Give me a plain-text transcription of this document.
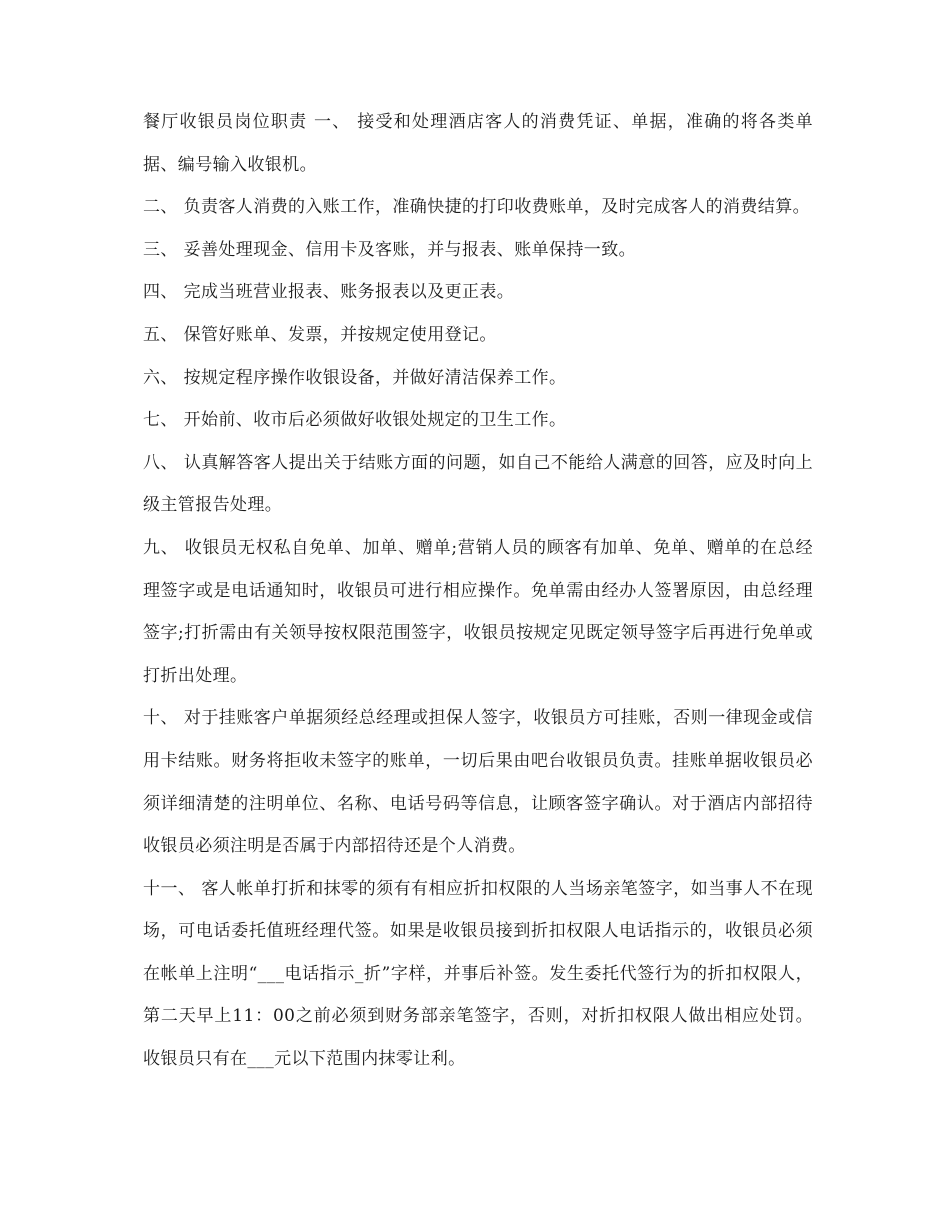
餐厅收银员岗位职责 一、 接受和处理酒店客人的消费凭证、单据，准确的将各类单据、编号输入收银机。

二、 负责客人消费的入账工作，准确快捷的打印收费账单，及时完成客人的消费结算。

三、 妥善处理现金、信用卡及客账，并与报表、账单保持一致。

四、 完成当班营业报表、账务报表以及更正表。

五、 保管好账单、发票，并按规定使用登记。

六、 按规定程序操作收银设备，并做好清洁保养工作。

七、 开始前、收市后必须做好收银处规定的卫生工作。

八、 认真解答客人提出关于结账方面的问题，如自己不能给人满意的回答，应及时向上级主管报告处理。

九、 收银员无权私自免单、加单、赠单;营销人员的顾客有加单、免单、赠单的在总经理签字或是电话通知时，收银员可进行相应操作。免单需由经办人签署原因，由总经理签字;打折需由有关领导按权限范围签字，收银员按规定见既定领导签字后再进行免单或打折出处理。

十、 对于挂账客户单据须经总经理或担保人签字，收银员方可挂账，否则一律现金或信用卡结账。财务将拒收未签字的账单，一切后果由吧台收银员负责。挂账单据收银员必须详细清楚的注明单位、名称、电话号码等信息，让顾客签字确认。对于酒店内部招待收银员必须注明是否属于内部招待还是个人消费。

十一、 客人帐单打折和抹零的须有有相应折扣权限的人当场亲笔签字，如当事人不在现场，可电话委托值班经理代签。如果是收银员接到折扣权限人电话指示的，收银员必须在帐单上注明“___电话指示_折”字样，并事后补签。发生委托代签行为的折扣权限人，第二天早上11：00之前必须到财务部亲笔签字，否则，对折扣权限人做出相应处罚。收银员只有在___元以下范围内抹零让利。
